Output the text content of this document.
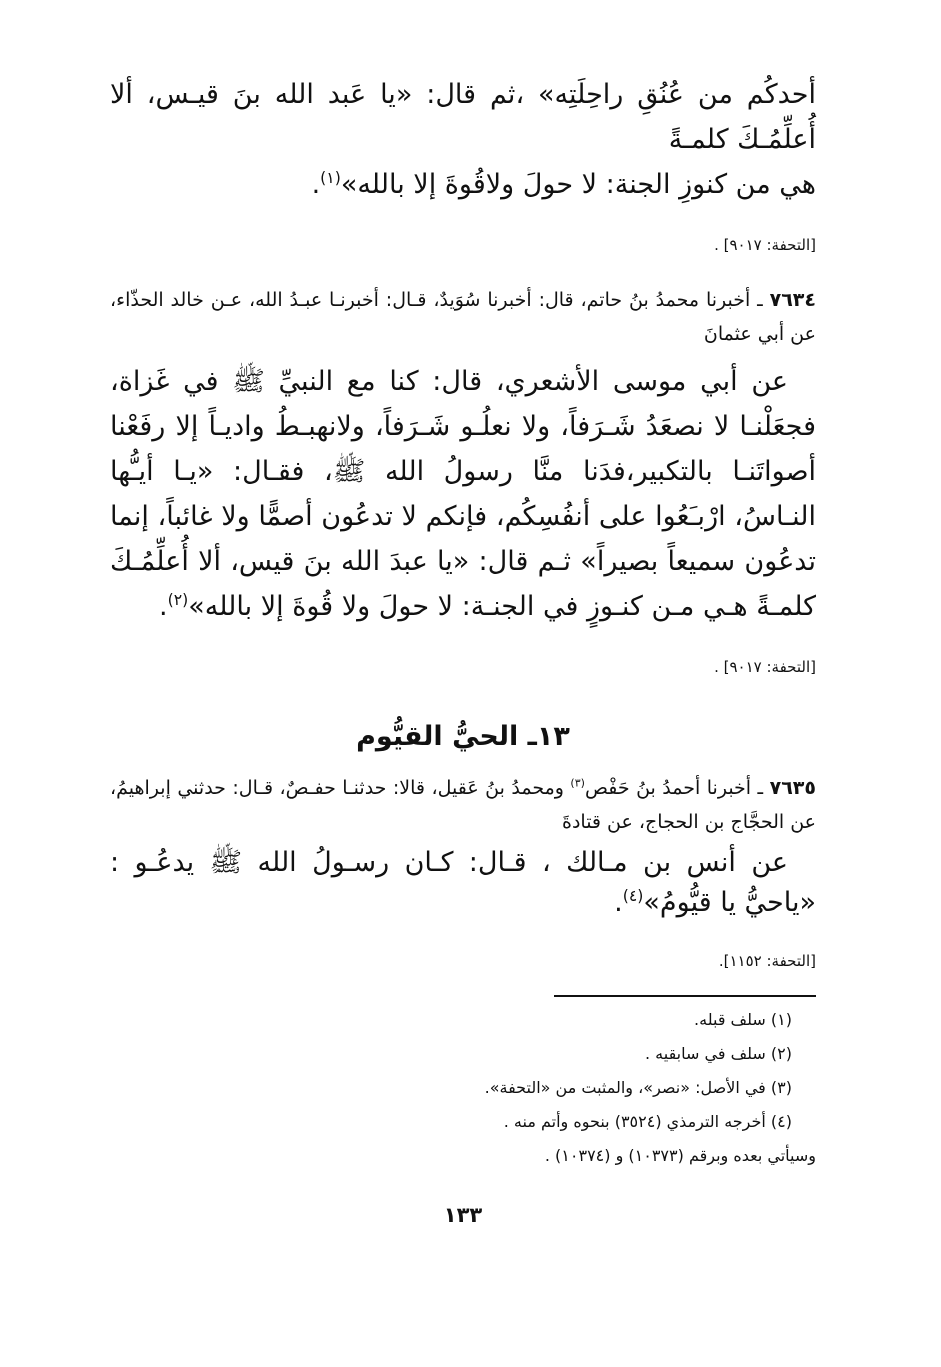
أحدكُم من عُنُقِ راحِلَتِه» ،ثم قال: «يا عَبد الله بنَ قيـس، ألا أُعلِّمُـكَ كلمـةً
هي من كنوزِ الجنة: لا حولَ ولاقُوةَ إلا بالله»$^{(١)}$.

[التحفة: ٩٠١٧] .

٧٦٣٤ ـ أخبرنا محمدُ بنُ حاتم، قال: أخبرنا سُوَيدٌ، قـال: أخبرنـا عبـدُ الله، عـن خالد الحذّاء، عن أبي عثمانَ

عن أبي موسى الأشعري، قال: كنا مع النبيِّ ﷺ في غَزاة، فجعَلْنـا لا نصعَدُ شَـرَفاً، ولا نعلُـو شَـرَفاً، ولانهبـطُ واديـاً إلا رفَعْنا أصواتَنـا بالتكبير،فدَنا منَّا رسولُ الله ﷺ، فقـال: «يـا أيـُّها النـاسُ، ارْبـَعُوا على أنفُسِكُم، فإنكم لا تدعُون أصمًّا ولا غائباً، إنما تدعُون سميعاً بصيراً» ثـم قال: «يا عبدَ الله بنَ قيس، ألا أُعلِّمُـكَ كلمـةً هـي مـن كنـوزٍ في الجنـة: لا حولَ ولا قُوةَ إلا بالله»$^{(٢)}$.

[التحفة: ٩٠١٧] .

١٣ـ الحيُّ القيُّوم

٧٦٣٥ ـ أخبرنا أحمدُ بنُ حَفْص$^{(٣)}$ ومحمدُ بنُ عَقيل، قالا: حدثنـا حفـصٌ، قـال: حدثني إبراهيمُ، عن الحجَّاج بن الحجاج، عن قتادةَ

عن أنس بن مـالك ، قـال: كـان رسـولُ الله ﷺ يدعُـو : «ياحيُّ يا قيُّومُ»$^{(٤)}$.

[التحفة: ١١٥٢].

(١) سلف قبله.
(٢) سلف في سابقيه .
(٣) في الأصل: «نصر»، والمثبت من «التحفة».
(٤) أخرجه الترمذي (٣٥٢٤) بنحوه وأتم منه .
وسيأتي بعده وبرقم (١٠٣٧٣) و (١٠٣٧٤) .

١٣٣
